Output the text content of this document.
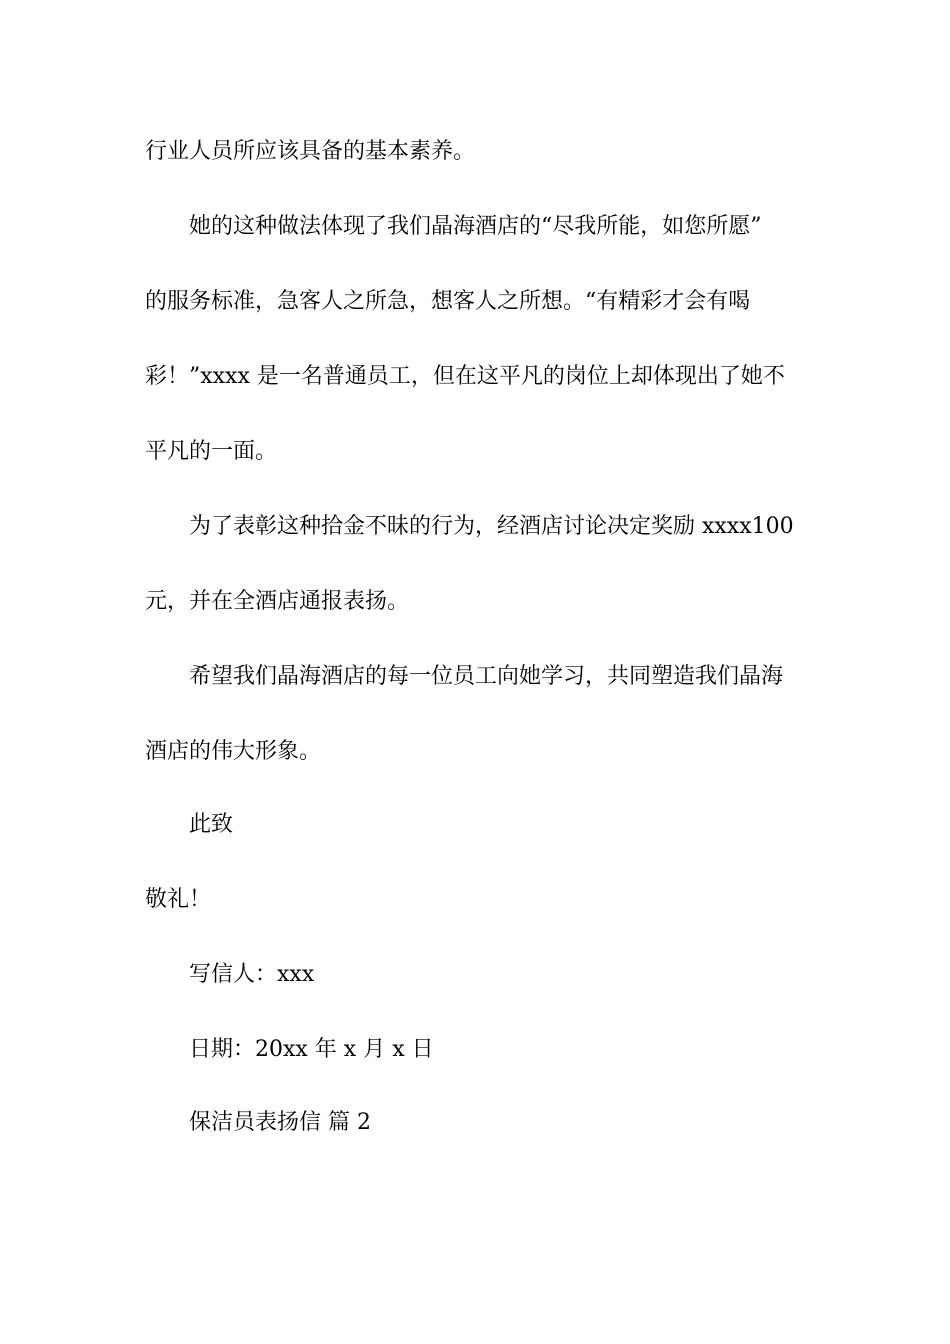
行业人员所应该具备的基本素养。
她的这种做法体现了我们晶海酒店的“尽我所能，如您所愿”
的服务标准，急客人之所急，想客人之所想。“有精彩才会有喝
彩！”xxxx 是一名普通员工，但在这平凡的岗位上却体现出了她不
平凡的一面。
为了表彰这种拾金不昧的行为，经酒店讨论决定奖励 xxxx100
元，并在全酒店通报表扬。
希望我们晶海酒店的每一位员工向她学习，共同塑造我们晶海
酒店的伟大形象。
此致
敬礼！
写信人：xxx
日期：20xx 年 x 月 x 日
保洁员表扬信 篇 2
